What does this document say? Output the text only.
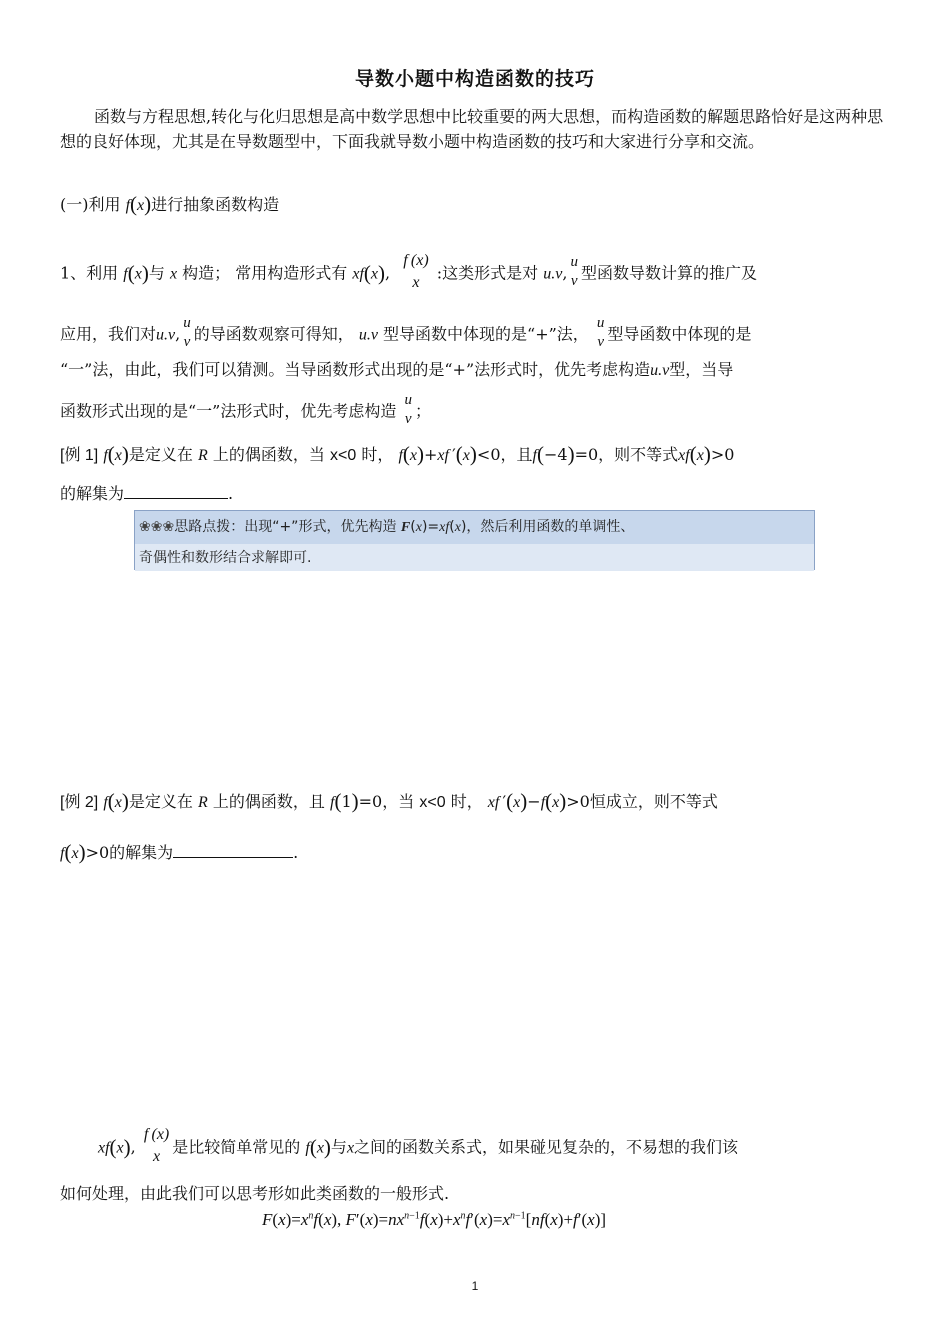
导数小题中构造函数的技巧
函数与方程思想,转化与化归思想是高中数学思想中比较重要的两大思想，而构造函数的解题思路恰好是这两种思想的良好体现，尤其是在导数题型中，下面我就导数小题中构造函数的技巧和大家进行分享和交流。
(一)利用 f(x)进行抽象函数构造
1、利用 f(x)与 x 构造； 常用构造形式有 xf(x),
f (x)
x	:这类形式是对 u.v,
u
v 型函数导数计算的推广及
应用，我们对u.v,
u
v 的导函数观察可得知， u.v 型导函数中体现的是“+”法，
u
v 型导函数中体现的是
“一”法，由此，我们可以猜测。当导函数形式出现的是“+”法形式时，优先考虑构造u.v型，当导
函数形式出现的是“一”法形式时，优先考虑构造
u
v ；
[例 1] f(x)是定义在 R 上的偶函数，当 x<0 时， f(x)+xf ′(x)<0，且f(−4)=0，则不等式xf(x)>0
的解集为	.
❀❀❀思路点拨：出现“+”形式，优先构造 F(x)=xf(x)，然后利用函数的单调性、
奇偶性和数形结合求解即可.
[例 2] f(x)是定义在 R 上的偶函数，且 f(1)=0，当 x<0 时， xf ′(x)−f(x)>0恒成立，则不等式
f(x)>0的解集为	.
xf(x),
f (x)
x 是比较简单常见的 f(x)与x之间的函数关系式，如果碰见复杂的，不易想的我们该
如何处理，由此我们可以思考形如此类函数的一般形式.
$F(x)=x^nf(x)$, $F'(x)=nx^{n-1}f(x)+x^nf'(x)=x^{n-1}[nf(x)+f'(x)]$
1
